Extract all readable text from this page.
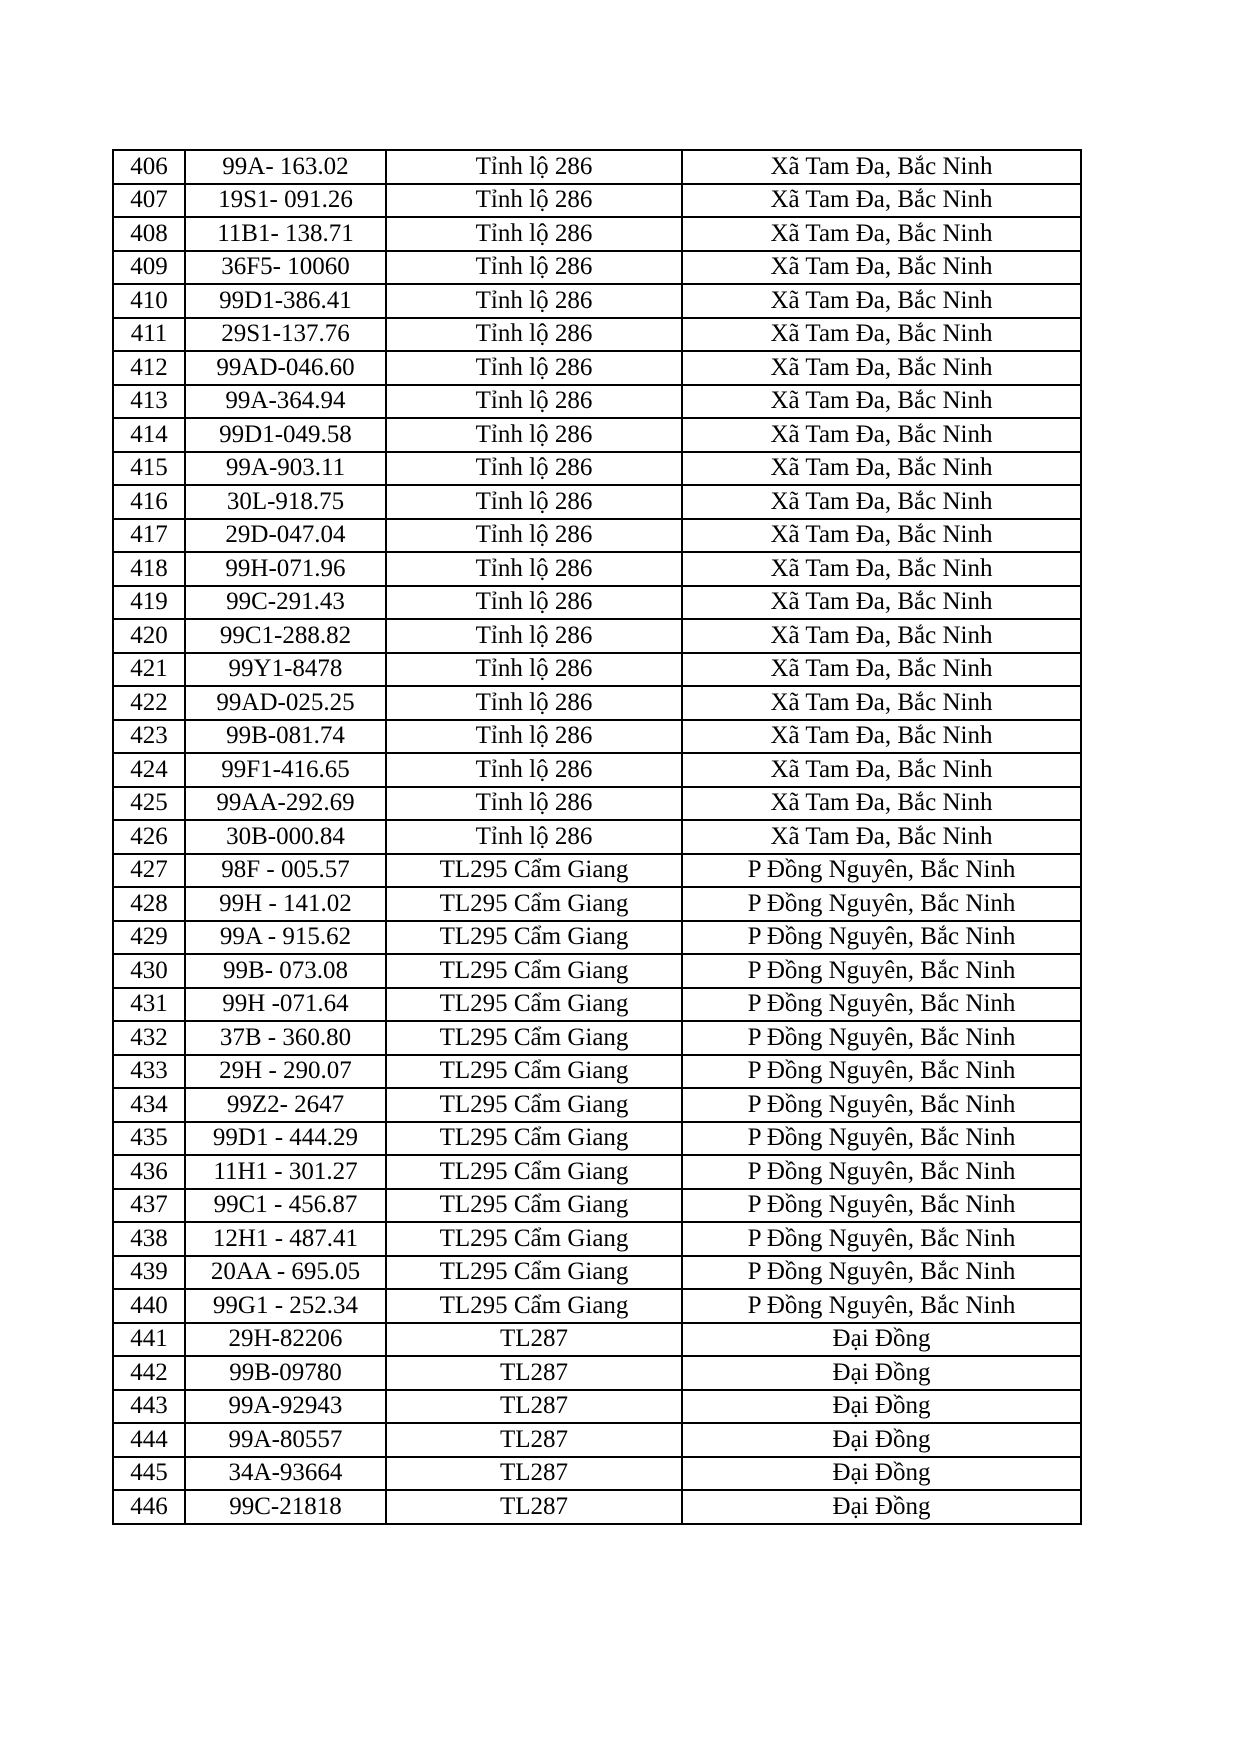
406	99A- 163.02	Tỉnh lộ 286	Xã Tam Đa, Bắc Ninh
407	19S1- 091.26	Tỉnh lộ 286	Xã Tam Đa, Bắc Ninh
408	11B1- 138.71	Tỉnh lộ 286	Xã Tam Đa, Bắc Ninh
409	36F5- 10060	Tỉnh lộ 286	Xã Tam Đa, Bắc Ninh
410	99D1-386.41	Tỉnh lộ 286	Xã Tam Đa, Bắc Ninh
411	29S1-137.76	Tỉnh lộ 286	Xã Tam Đa, Bắc Ninh
412	99AD-046.60	Tỉnh lộ 286	Xã Tam Đa, Bắc Ninh
413	99A-364.94	Tỉnh lộ 286	Xã Tam Đa, Bắc Ninh
414	99D1-049.58	Tỉnh lộ 286	Xã Tam Đa, Bắc Ninh
415	99A-903.11	Tỉnh lộ 286	Xã Tam Đa, Bắc Ninh
416	30L-918.75	Tỉnh lộ 286	Xã Tam Đa, Bắc Ninh
417	29D-047.04	Tỉnh lộ 286	Xã Tam Đa, Bắc Ninh
418	99H-071.96	Tỉnh lộ 286	Xã Tam Đa, Bắc Ninh
419	99C-291.43	Tỉnh lộ 286	Xã Tam Đa, Bắc Ninh
420	99C1-288.82	Tỉnh lộ 286	Xã Tam Đa, Bắc Ninh
421	99Y1-8478	Tỉnh lộ 286	Xã Tam Đa, Bắc Ninh
422	99AD-025.25	Tỉnh lộ 286	Xã Tam Đa, Bắc Ninh
423	99B-081.74	Tỉnh lộ 286	Xã Tam Đa, Bắc Ninh
424	99F1-416.65	Tỉnh lộ 286	Xã Tam Đa, Bắc Ninh
425	99AA-292.69	Tỉnh lộ 286	Xã Tam Đa, Bắc Ninh
426	30B-000.84	Tỉnh lộ 286	Xã Tam Đa, Bắc Ninh
427	98F - 005.57	TL295 Cẩm Giang	P Đồng Nguyên, Bắc Ninh
428	99H - 141.02	TL295 Cẩm Giang	P Đồng Nguyên, Bắc Ninh
429	99A - 915.62	TL295 Cẩm Giang	P Đồng Nguyên, Bắc Ninh
430	99B- 073.08	TL295 Cẩm Giang	P Đồng Nguyên, Bắc Ninh
431	99H -071.64	TL295 Cẩm Giang	P Đồng Nguyên, Bắc Ninh
432	37B - 360.80	TL295 Cẩm Giang	P Đồng Nguyên, Bắc Ninh
433	29H - 290.07	TL295 Cẩm Giang	P Đồng Nguyên, Bắc Ninh
434	99Z2- 2647	TL295 Cẩm Giang	P Đồng Nguyên, Bắc Ninh
435	99D1 - 444.29	TL295 Cẩm Giang	P Đồng Nguyên, Bắc Ninh
436	11H1 - 301.27	TL295 Cẩm Giang	P Đồng Nguyên, Bắc Ninh
437	99C1 - 456.87	TL295 Cẩm Giang	P Đồng Nguyên, Bắc Ninh
438	12H1 - 487.41	TL295 Cẩm Giang	P Đồng Nguyên, Bắc Ninh
439	20AA - 695.05	TL295 Cẩm Giang	P Đồng Nguyên, Bắc Ninh
440	99G1 - 252.34	TL295 Cẩm Giang	P Đồng Nguyên, Bắc Ninh
441	29H-82206	TL287	Đại Đồng
442	99B-09780	TL287	Đại Đồng
443	99A-92943	TL287	Đại Đồng
444	99A-80557	TL287	Đại Đồng
445	34A-93664	TL287	Đại Đồng
446	99C-21818	TL287	Đại Đồng
